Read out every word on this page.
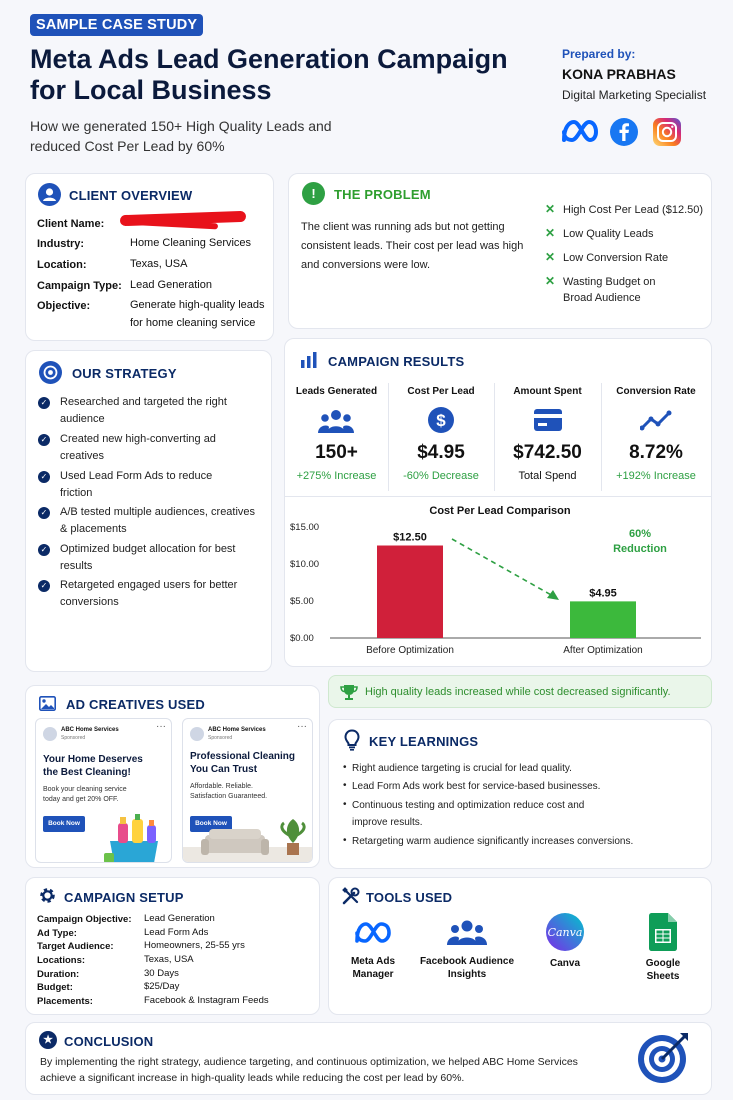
SAMPLE CASE STUDY
Meta Ads Lead Generation Campaign for Local Business
How we generated 150+ High Quality Leads and reduced Cost Per Lead by 60%
Prepared by:
KONA PRABHAS
Digital Marketing Specialist
CLIENT OVERVIEW
Client Name:
Industry:	Home Cleaning Services
Location:	Texas, USA
Campaign Type: Lead Generation
Objective:	Generate high-quality leads for home cleaning service
!	THE PROBLEM
The client was running ads but not getting consistent leads. Their cost per lead was high and conversions were low.
✕ High Cost Per Lead ($12.50)
✕ Low Quality Leads
✕ Low Conversion Rate
✕ Wasting Budget on Broad Audience
OUR STRATEGY
✓ Researched and targeted the right audience
✓ Created new high-converting ad creatives
✓ Used Lead Form Ads to reduce friction
✓ A/B tested multiple audiences, creatives & placements
✓ Optimized budget allocation for best results
✓ Retargeted engaged users for better conversions
CAMPAIGN RESULTS
Leads Generated
150+
+275% Increase
Cost Per Lead
$
$4.95
-60% Decrease
Amount Spent
$742.50
Total Spend
Conversion Rate
8.72%
+192% Increase
Cost Per Lead Comparison
$15.00
$10.00
$5.00
$0.00
$12.50
Before Optimization
$4.95
After Optimization
60%
Reduction
High quality leads increased while cost decreased significantly.
AD CREATIVES USED
ABC Home Services
Sponsored
···
Your Home Deserves the Best Cleaning!
Book your cleaning service today and get 20% OFF.
Book Now
ABC Home Services
Sponsored
···
Professional Cleaning You Can Trust
Affordable. Reliable. Satisfaction Guaranteed.
Book Now
KEY LEARNINGS
• Right audience targeting is crucial for lead quality.
• Lead Form Ads work best for service-based businesses.
• Continuous testing and optimization reduce cost and improve results.
• Retargeting warm audience significantly increases conversions.
CAMPAIGN SETUP
Campaign Objective: Lead Generation
Ad Type:	Lead Form Ads
Target Audience:	Homeowners, 25-55 yrs
Locations:	Texas, USA
Duration:	30 Days
Budget:	$25/Day
Placements:	Facebook & Instagram Feeds
TOOLS USED
Meta Ads Manager
Facebook Audience Insights
Canva
Canva	Google Sheets
★ CONCLUSION
By implementing the right strategy, audience targeting, and continuous optimization, we helped ABC Home Services achieve a significant increase in high-quality leads while reducing the cost per lead by 60%.
